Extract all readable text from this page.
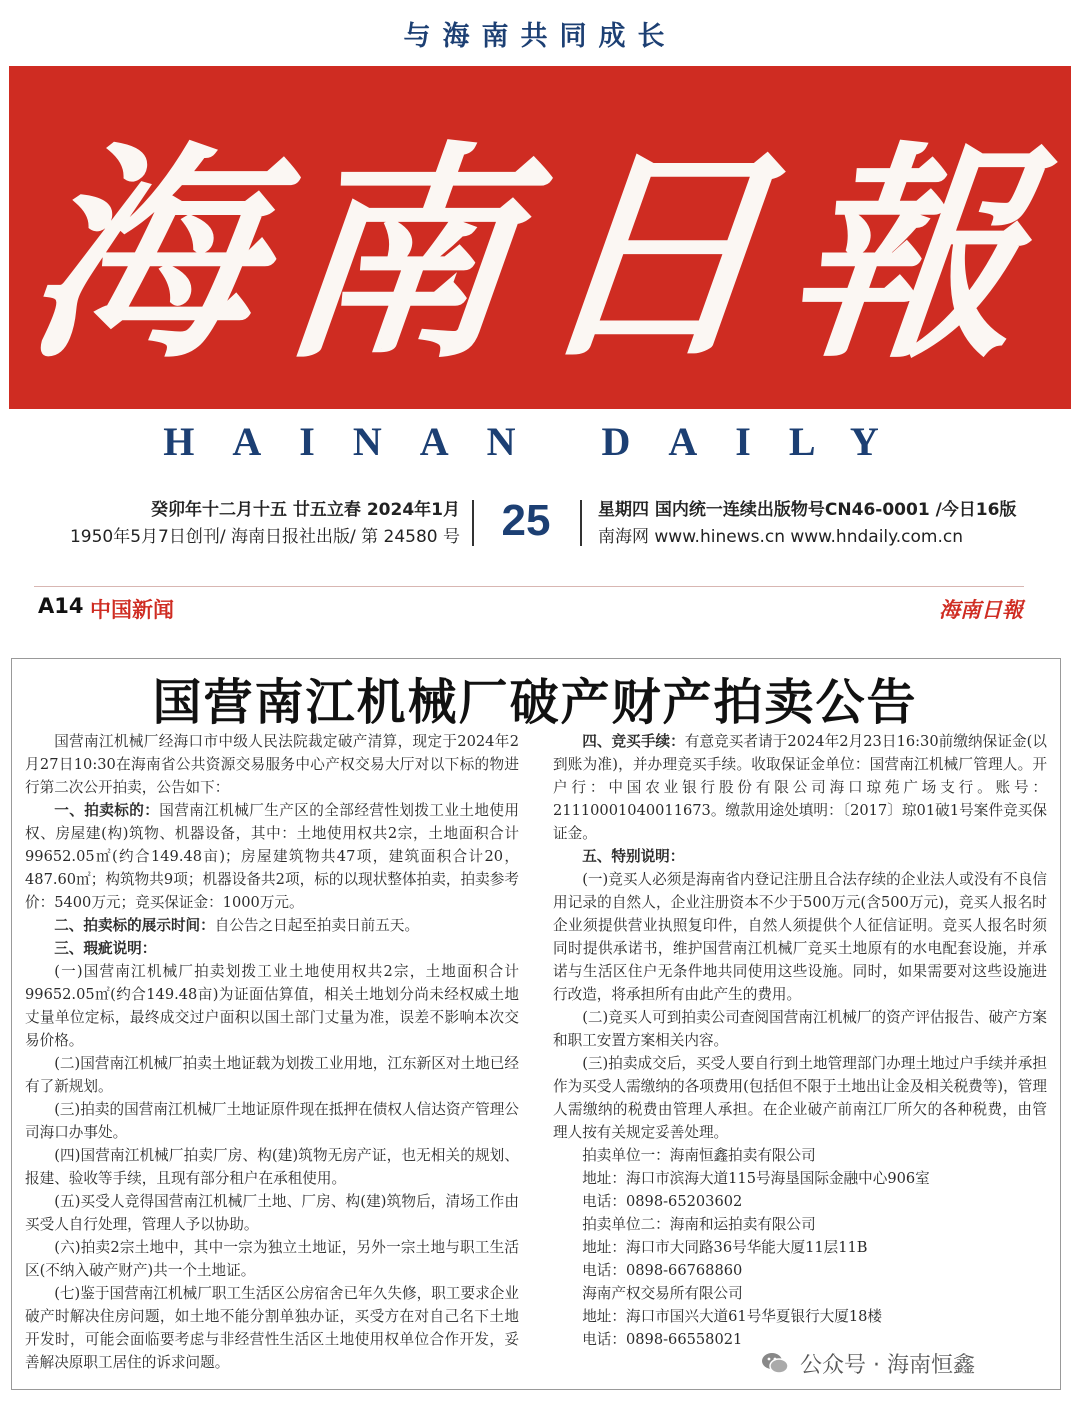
与海南共同成长
海南日報
HAINAN DAILY
癸卯年十二月十五 廿五立春 2024年1月
1950年5月7日创刊/ 海南日报社出版/ 第 24580 号 25	星期四 国内统一连续出版物号CN46-0001 /今日16版
南海网 www.hinews.cn www.hndaily.com.cn
A14 中国新闻	海南日報
国营南江机械厂破产财产拍卖公告

国营南江机械厂经海口市中级人民法院裁定破产清算，现定于2024年2月27日10:30在海南省公共资源交易服务中心产权交易大厅对以下标的物进行第二次公开拍卖，公告如下：

一、拍卖标的：国营南江机械厂生产区的全部经营性划拨工业土地使用权、房屋建(构)筑物、机器设备，其中：土地使用权共2宗，土地面积合计99652.05㎡(约合149.48亩)；房屋建筑物共47项，建筑面积合计20，487.60㎡；构筑物共9项；机器设备共2项，标的以现状整体拍卖，拍卖参考价：5400万元；竞买保证金：1000万元。

二、拍卖标的展示时间：自公告之日起至拍卖日前五天。

三、瑕疵说明：

(一)国营南江机械厂拍卖划拨工业土地使用权共2宗，土地面积合计99652.05㎡(约合149.48亩)为证面估算值，相关土地划分尚未经权威土地丈量单位定标，最终成交过户面积以国土部门丈量为准，误差不影响本次交易价格。

(二)国营南江机械厂拍卖土地证载为划拨工业用地，江东新区对土地已经有了新规划。

(三)拍卖的国营南江机械厂土地证原件现在抵押在债权人信达资产管理公司海口办事处。

(四)国营南江机械厂拍卖厂房、构(建)筑物无房产证，也无相关的规划、报建、验收等手续，且现有部分租户在承租使用。

(五)买受人竞得国营南江机械厂土地、厂房、构(建)筑物后，清场工作由买受人自行处理，管理人予以协助。

(六)拍卖2宗土地中，其中一宗为独立土地证，另外一宗土地与职工生活区(不纳入破产财产)共一个土地证。

(七)鉴于国营南江机械厂职工生活区公房宿舍已年久失修，职工要求企业破产时解决住房问题，如土地不能分割单独办证，买受方在对自己名下土地开发时，可能会面临要考虑与非经营性生活区土地使用权单位合作开发，妥善解决原职工居住的诉求问题。

四、竞买手续：有意竞买者请于2024年2月23日16:30前缴纳保证金(以到账为准)，并办理竞买手续。收取保证金单位：国营南江机械厂管理人。开户行：中国农业银行股份有限公司海口琼苑广场支行。账号：21110001040011673。缴款用途处填明：〔2017〕琼01破1号案件竞买保证金。

五、特别说明：

(一)竞买人必须是海南省内登记注册且合法存续的企业法人或没有不良信用记录的自然人，企业注册资本不少于500万元(含500万元)，竞买人报名时企业须提供营业执照复印件，自然人须提供个人征信证明。竞买人报名时须同时提供承诺书，维护国营南江机械厂竞买土地原有的水电配套设施，并承诺与生活区住户无条件地共同使用这些设施。同时，如果需要对这些设施进行改造，将承担所有由此产生的费用。

(二)竞买人可到拍卖公司查阅国营南江机械厂的资产评估报告、破产方案和职工安置方案相关内容。

(三)拍卖成交后，买受人要自行到土地管理部门办理土地过户手续并承担作为买受人需缴纳的各项费用(包括但不限于土地出让金及相关税费等)，管理人需缴纳的税费由管理人承担。在企业破产前南江厂所欠的各种税费，由管理人按有关规定妥善处理。

拍卖单位一：海南恒鑫拍卖有限公司

地址：海口市滨海大道115号海垦国际金融中心906室

电话：0898-65203602

拍卖单位二：海南和运拍卖有限公司

地址：海口市大同路36号华能大厦11层11B

电话：0898-66768860

海南产权交易所有限公司

地址：海口市国兴大道61号华夏银行大厦18楼

电话：0898-66558021

公众号 · 海南恒鑫
